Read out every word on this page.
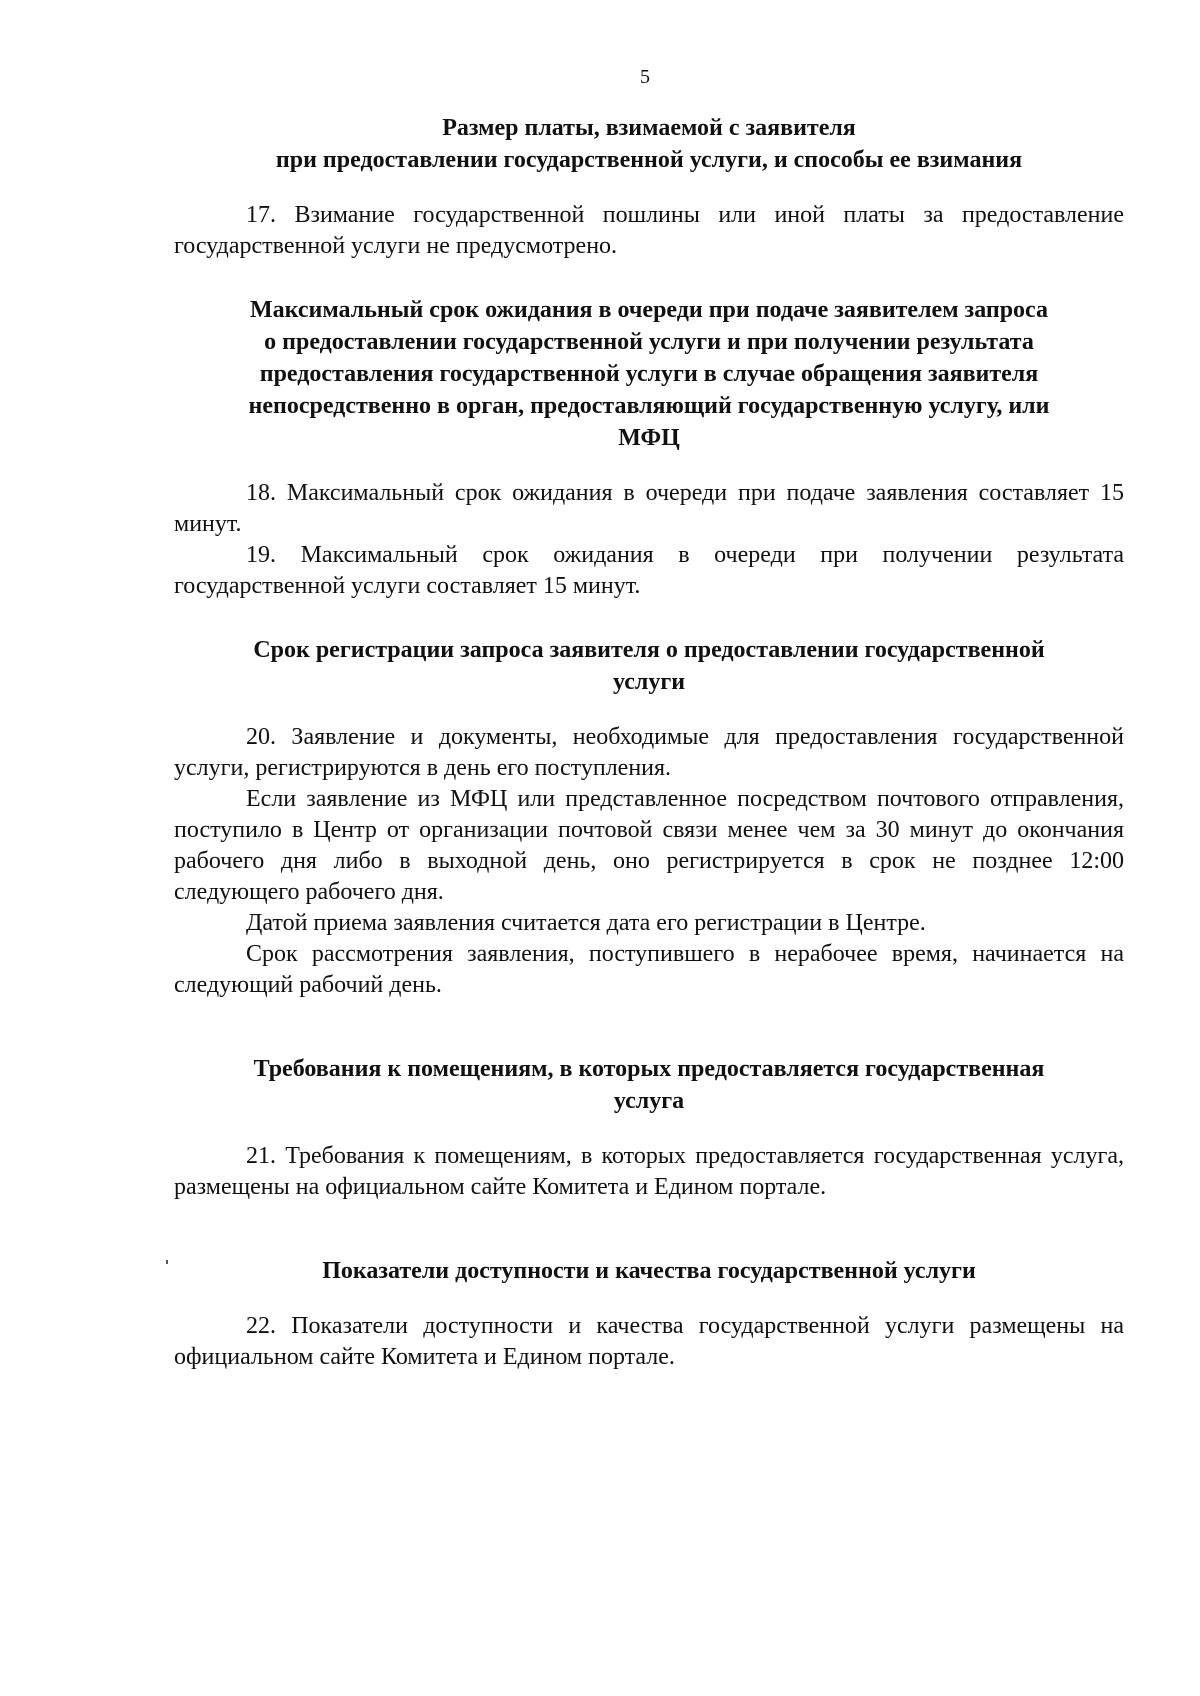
5

Размер платы, взимаемой с заявителя
при предоставлении государственной услуги, и способы ее взимания

17. Взимание государственной пошлины или иной платы за предоставление государственной услуги не предусмотрено.

Максимальный срок ожидания в очереди при подаче заявителем запроса
о предоставлении государственной услуги и при получении результата
предоставления государственной услуги в случае обращения заявителя
непосредственно в орган, предоставляющий государственную услугу, или
МФЦ

18. Максимальный срок ожидания в очереди при подаче заявления составляет 15 минут.

19. Максимальный срок ожидания в очереди при получении результата государственной услуги составляет 15 минут.

Срок регистрации запроса заявителя о предоставлении государственной
услуги

20. Заявление и документы, необходимые для предоставления государственной услуги, регистрируются в день его поступления.

Если заявление из МФЦ или представленное посредством почтового отправления, поступило в Центр от организации почтовой связи менее чем за 30 минут до окончания рабочего дня либо в выходной день, оно регистрируется в срок не позднее 12:00 следующего рабочего дня.

Датой приема заявления считается дата его регистрации в Центре.

Срок рассмотрения заявления, поступившего в нерабочее время, начинается на следующий рабочий день.

Требования к помещениям, в которых предоставляется государственная
услуга

21. Требования к помещениям, в которых предоставляется государственная услуга, размещены на официальном сайте Комитета и Едином портале.

Показатели доступности и качества государственной услуги

22. Показатели доступности и качества государственной услуги размещены на официальном сайте Комитета и Едином портале.
